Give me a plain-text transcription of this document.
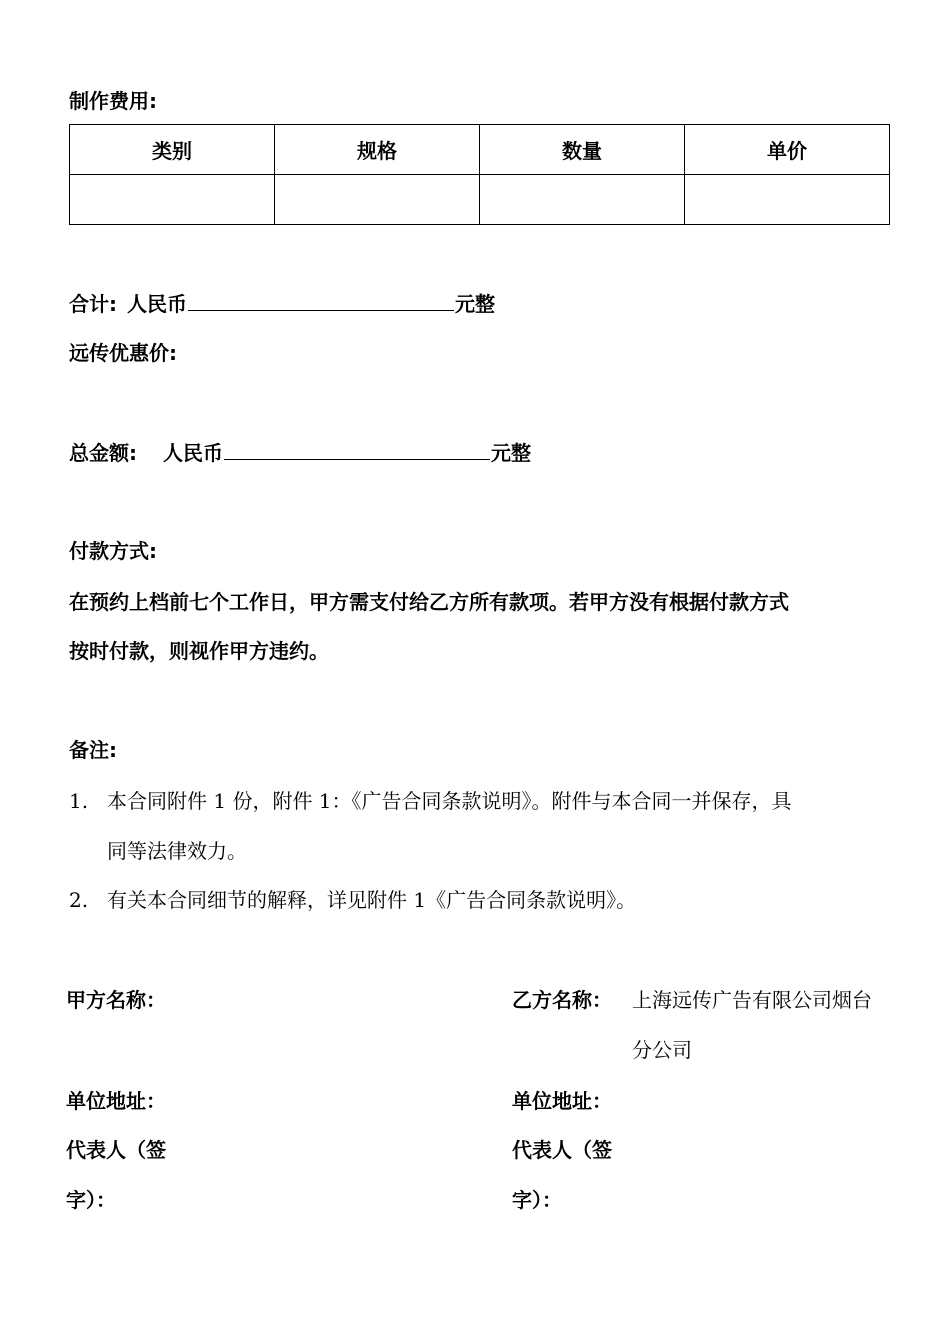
制作费用:
类别	规格	数量	单价

合计: 人民币	元整
远传优惠价:
总金额: 人民币	元整
付款方式:
在预约上档前七个工作日，甲方需支付给乙方所有款项。若甲方没有根据付款方式
按时付款，则视作甲方违约。
备注:
1. 本合同附件 1 份，附件 1：《广告合同条款说明》。附件与本合同一并保存，具
同等法律效力。
2. 有关本合同细节的解释，详见附件 1《广告合同条款说明》。
甲方名称：
单位地址：
代表人（签
字）：
乙方名称： 上海远传广告有限公司烟台
分公司
单位地址：
代表人（签
字）：
